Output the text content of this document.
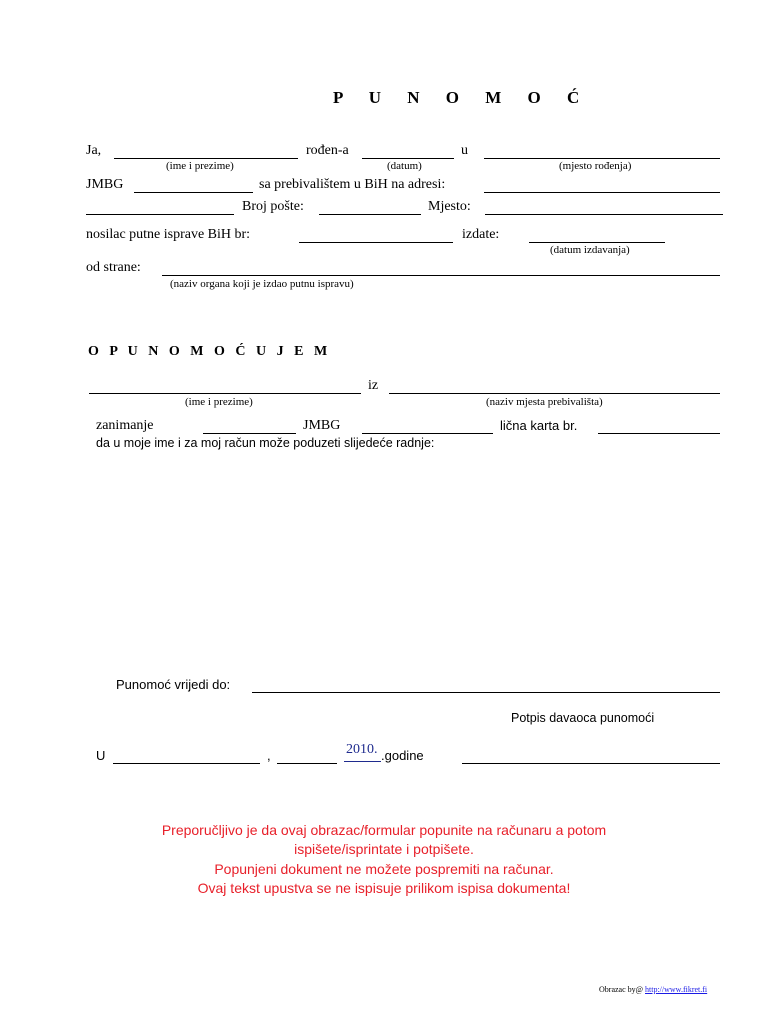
P U N O M O Ć
Ja,	rođen-a	u
(ime i prezime)	(datum)	(mjesto rođenja)
JMBG	sa prebivalištem u BiH na adresi:
Broj pošte:	Mjesto:
nosilac putne isprave BiH br:	izdate:
(datum izdavanja)
od strane:
(naziv organa koji je izdao putnu ispravu)
O P U N O M O Ć U J E M
iz
(ime i prezime)	(naziv mjesta prebivališta)
zanimanje	JMBG	lična karta br.
da u moje ime i za moj račun može poduzeti slijedeće radnje:
Punomoć vrijedi do:
Potpis davaoca punomoći
U	,	2010. .godine
Preporučljivo je da ovaj obrazac/formular popunite na računaru a potom
ispišete/isprintate i potpišete.
Popunjeni dokument ne možete pospremiti na računar.
Ovaj tekst upustva se ne ispisuje prilikom ispisa dokumenta!
Obrazac by@ http://www.fikret.fi
